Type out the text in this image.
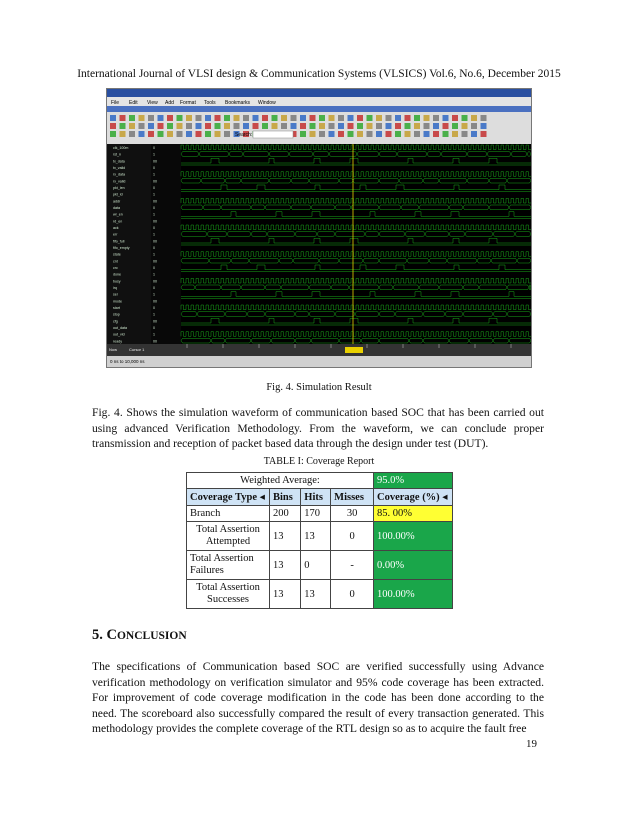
International Journal of VLSI design & Communication Systems (VLSICS) Vol.6, No.6, December 2015
File Edit View Add Format Tools Bookmarks Window
Search:
clk_100m	0
rst_n	1
tx_data	00
tx_valid	0
rx_data	1
rx_valid	00
pkt_len	0
pkt_id	1
addr	00
data	0
wr_en	1
rd_en	00
ack	0
err	1
fifo_full	00
fifo_empty	0
state	1
cnt	00
crc	0
done	1
busy	00
irq	0
sel	1
mode	00
start	0
stop	1
cfg	00
out_data	0
out_vld	1
ready	00
Now	Cursor 1
0 ns to 10,000 ns
Fig. 4. Simulation Result

Fig. 4. Shows the simulation waveform of communication based SOC that has been carried out using advanced Verification Methodology. From the waveform, we can conclude proper transmission and reception of packet based data through the design under test (DUT).

TABLE I: Coverage Report
Weighted Average:				95.0%
Coverage Type ◂	Bins	Hits	Misses	Coverage (%) ◂
Branch	200	170	30	85. 00%
Total Assertion Attempted	13	13	0	100.00%
Total Assertion Failures	13	0	-	0.00%
Total Assertion Successes	13	13	0	100.00%
5. CONCLUSION

The specifications of Communication based SOC are verified successfully using Advance verification methodology on verification simulator and 95% code coverage has been extracted. For improvement of code coverage modification in the code has been done according to the need. The scoreboard also successfully compared the result of every transaction generated. This methodology provides the complete coverage of the RTL design so as to acquire the fault free

19
